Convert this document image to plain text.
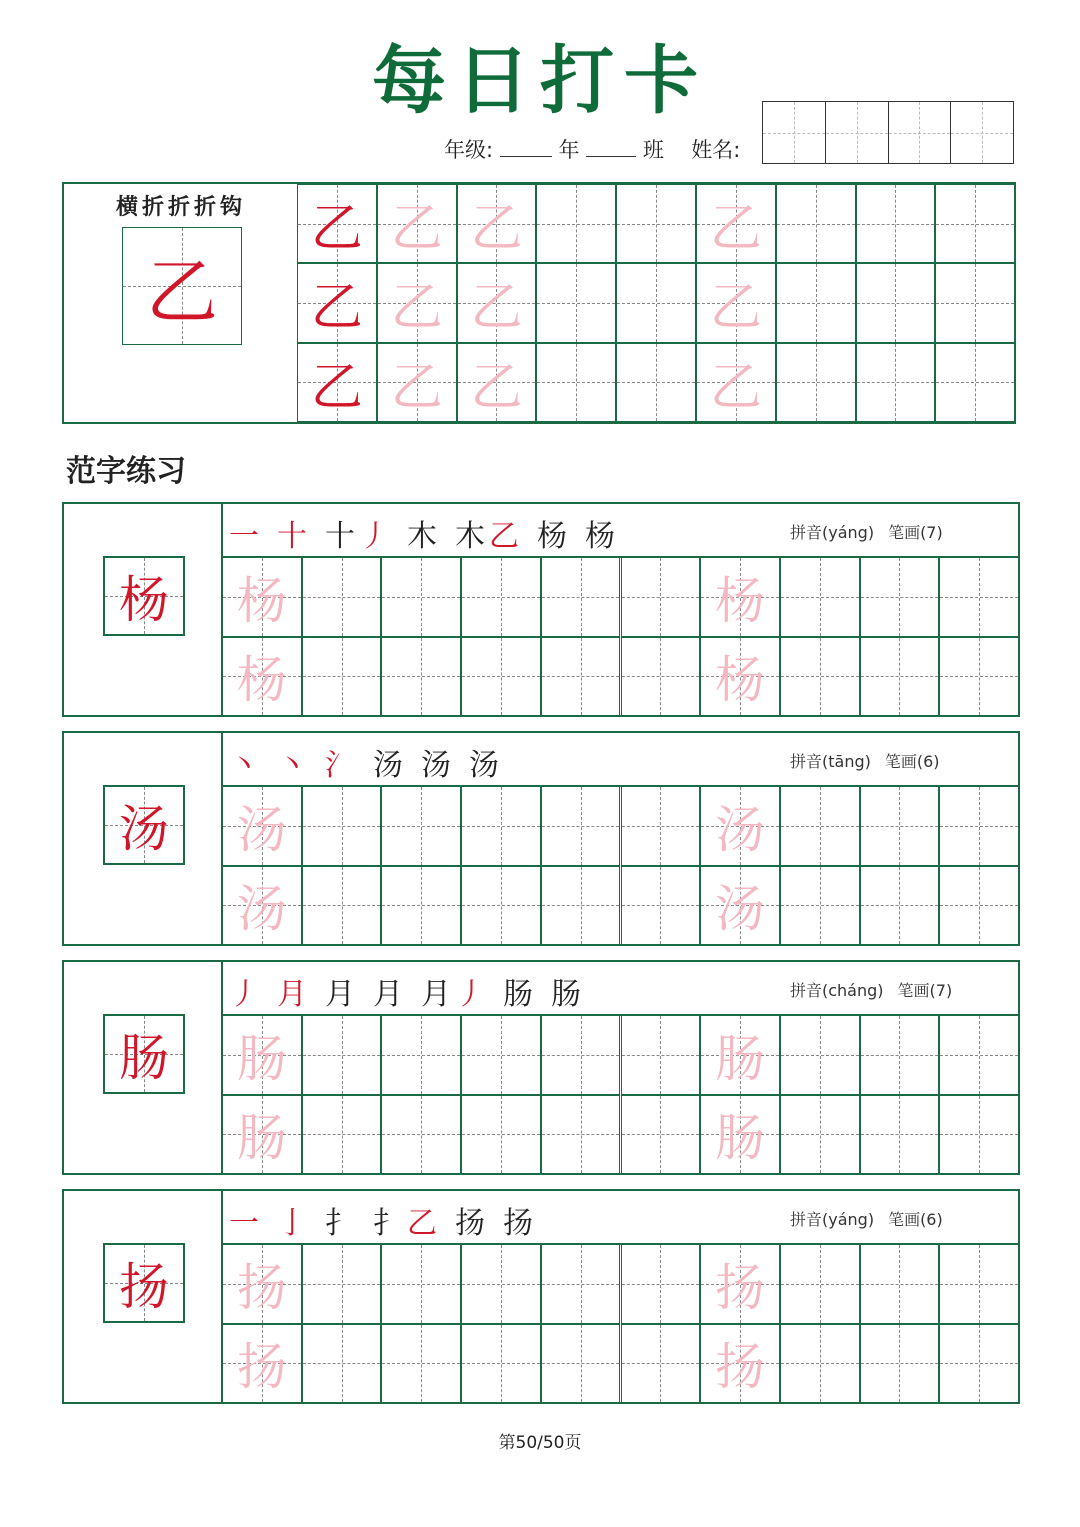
每日打卡
年级:	年	班 姓名:
横折折折钩
乙
乙 乙 乙	乙
乙 乙 乙	乙
乙 乙 乙	乙
范字练习
杨
一 十 十丿 木 木乙 杨 杨	拼音(yáng) 笔画(7)
杨	杨
杨	杨
汤
丶 丶 氵 汤 汤 汤	拼音(tāng) 笔画(6)
汤	汤
汤	汤
肠
丿 月 月 月 月丿 肠 肠	拼音(cháng) 笔画(7)
肠	肠
肠	肠
扬
一 亅 扌 扌乙 扬 扬	拼音(yáng) 笔画(6)
扬	扬
扬	扬
第50/50页
